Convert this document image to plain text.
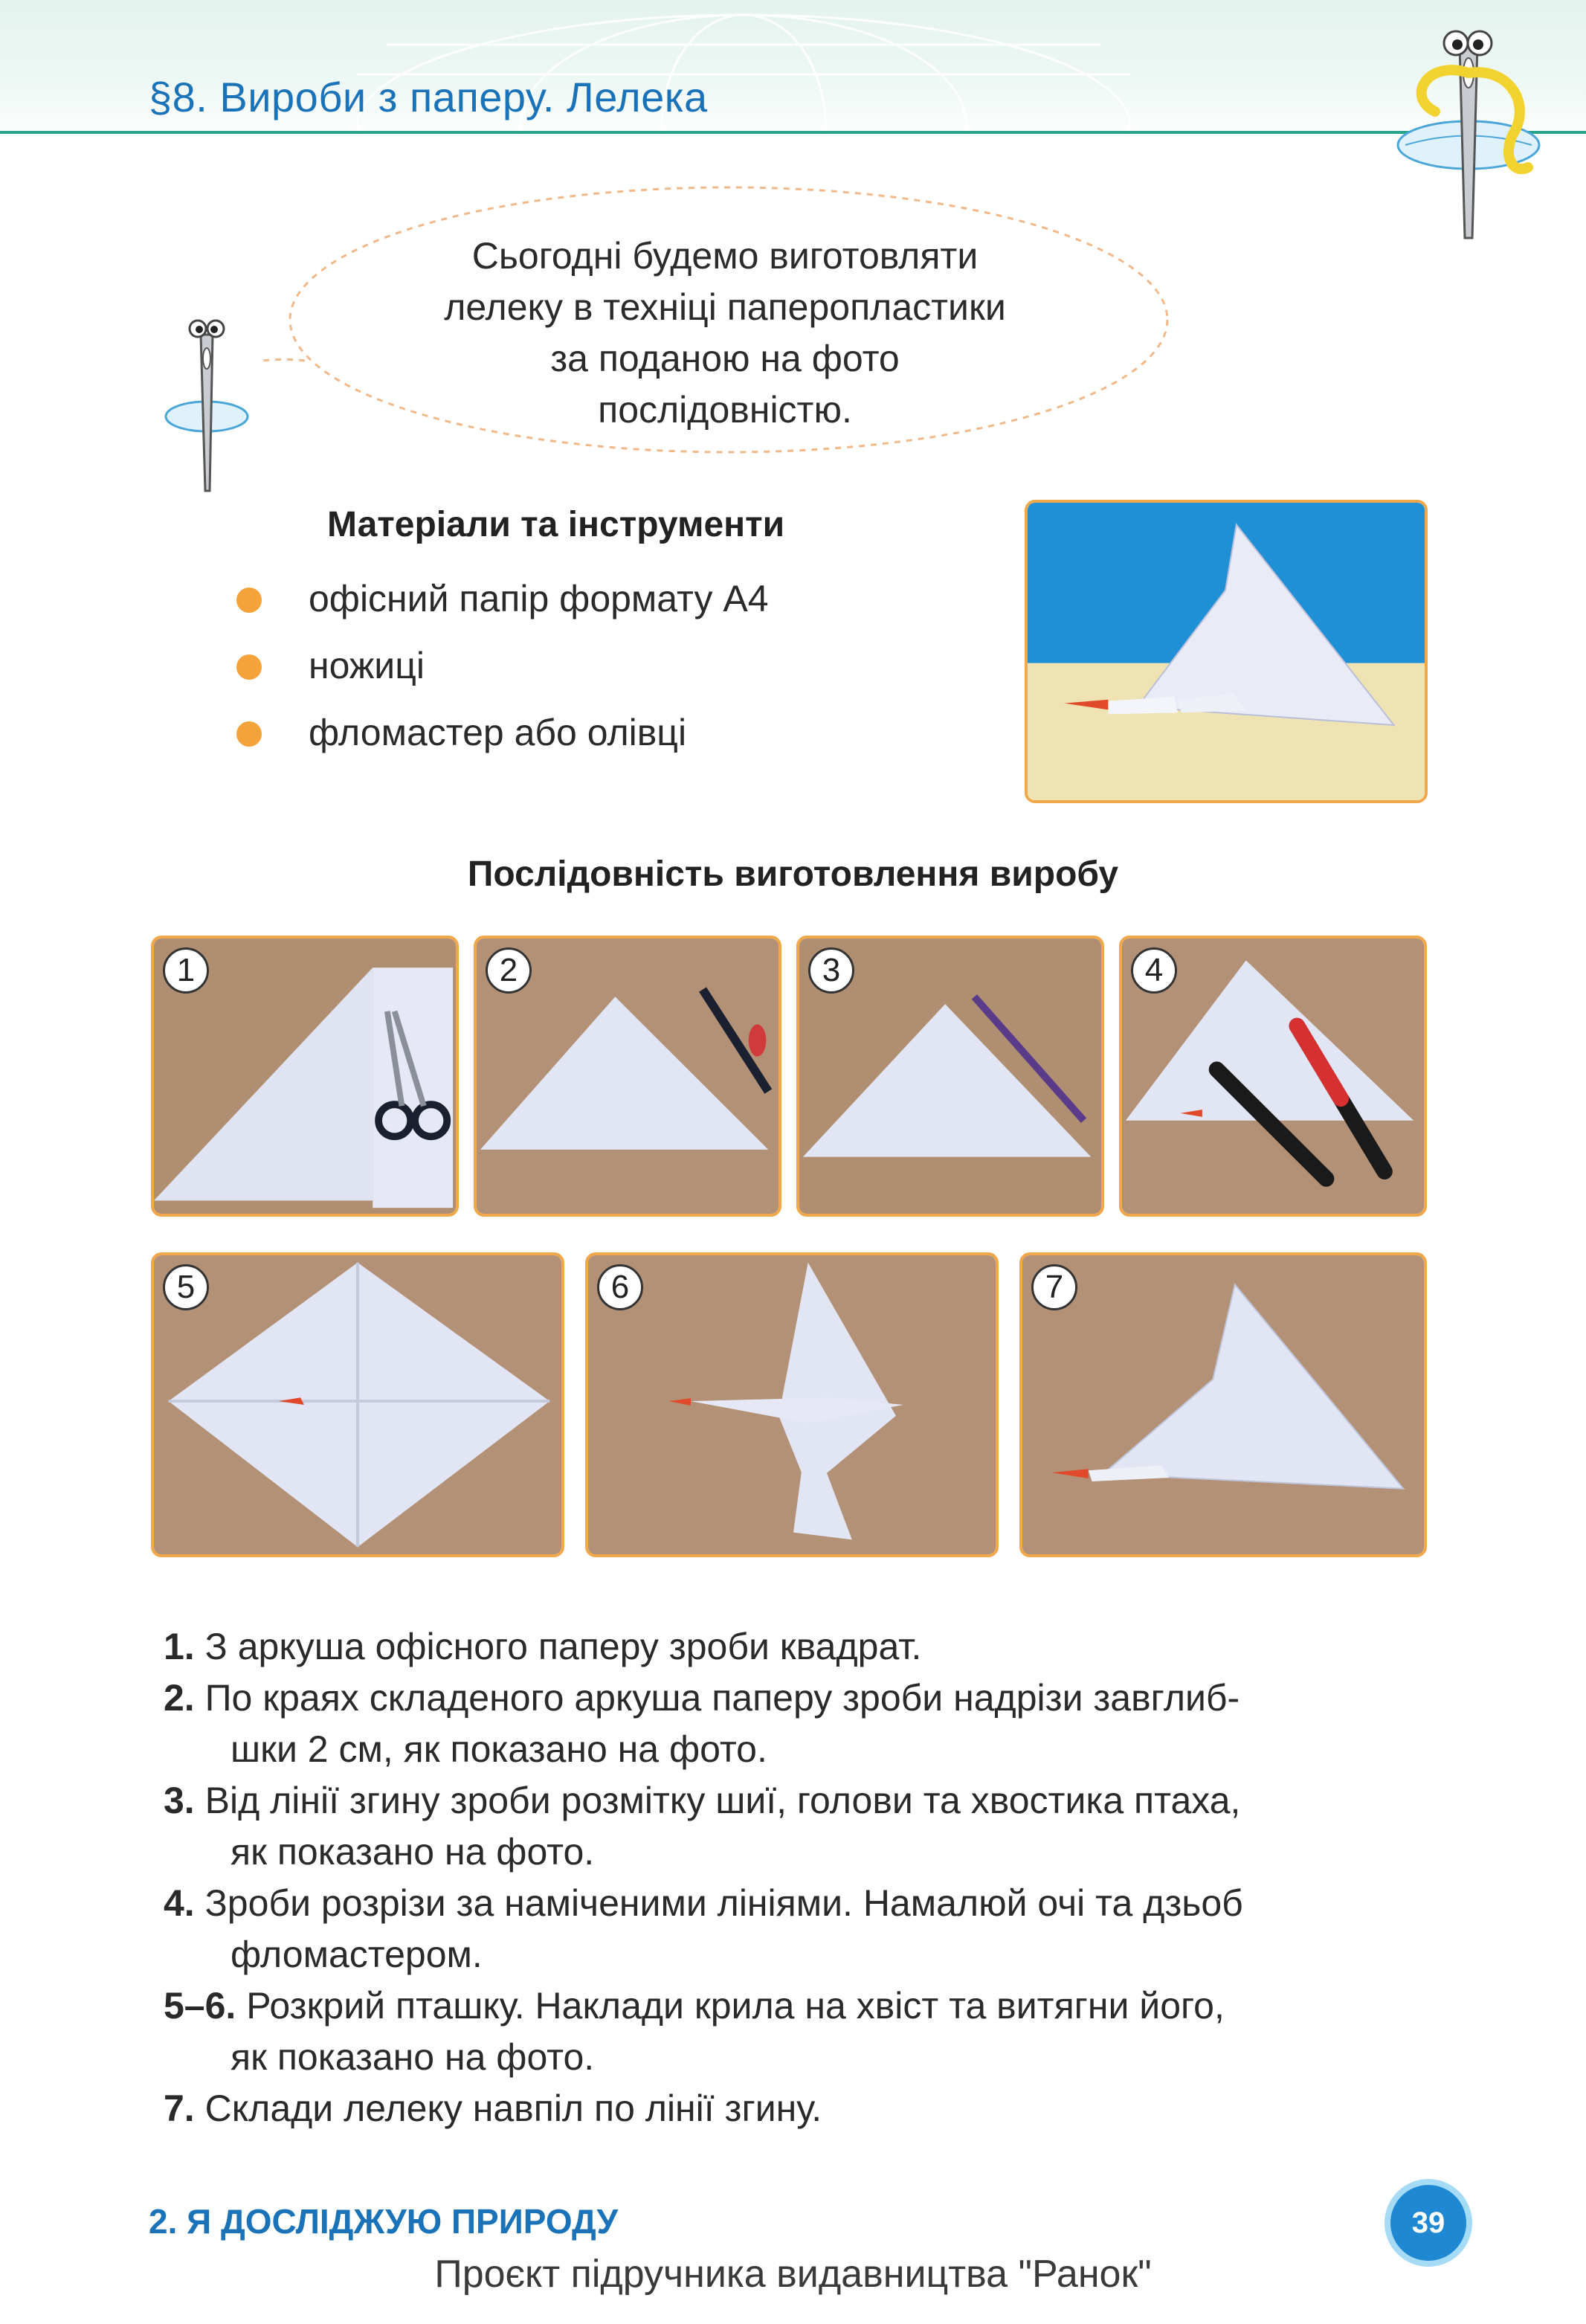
§8. Вироби з паперу. Лелека
Сьогодні будемо виготовляти
лелеку в техніці паперопластики
за поданою на фото
послідовністю.
Матеріали та інструменти
офісний папір формату А4
ножиці
фломастер або олівці
Послідовність виготовлення виробу
1	2	3	4
5	6	7
1. З аркуша офісного паперу зроби квадрат.
2. По краях складеного аркуша паперу зроби надрізи завглиб-
шки 2 см, як показано на фото.
3. Від лінії згину зроби розмітку шиї, голови та хвостика птаха,
як показано на фото.
4. Зроби розрізи за наміченими лініями. Намалюй очі та дзьоб
фломастером.
5–6. Розкрий пташку. Наклади крила на хвіст та витягни його,
як показано на фото.
7. Склади лелеку навпіл по лінії згину.
2. Я ДОСЛІДЖУЮ ПРИРОДУ	39
Проєкт підручника видавництва "Ранок"
